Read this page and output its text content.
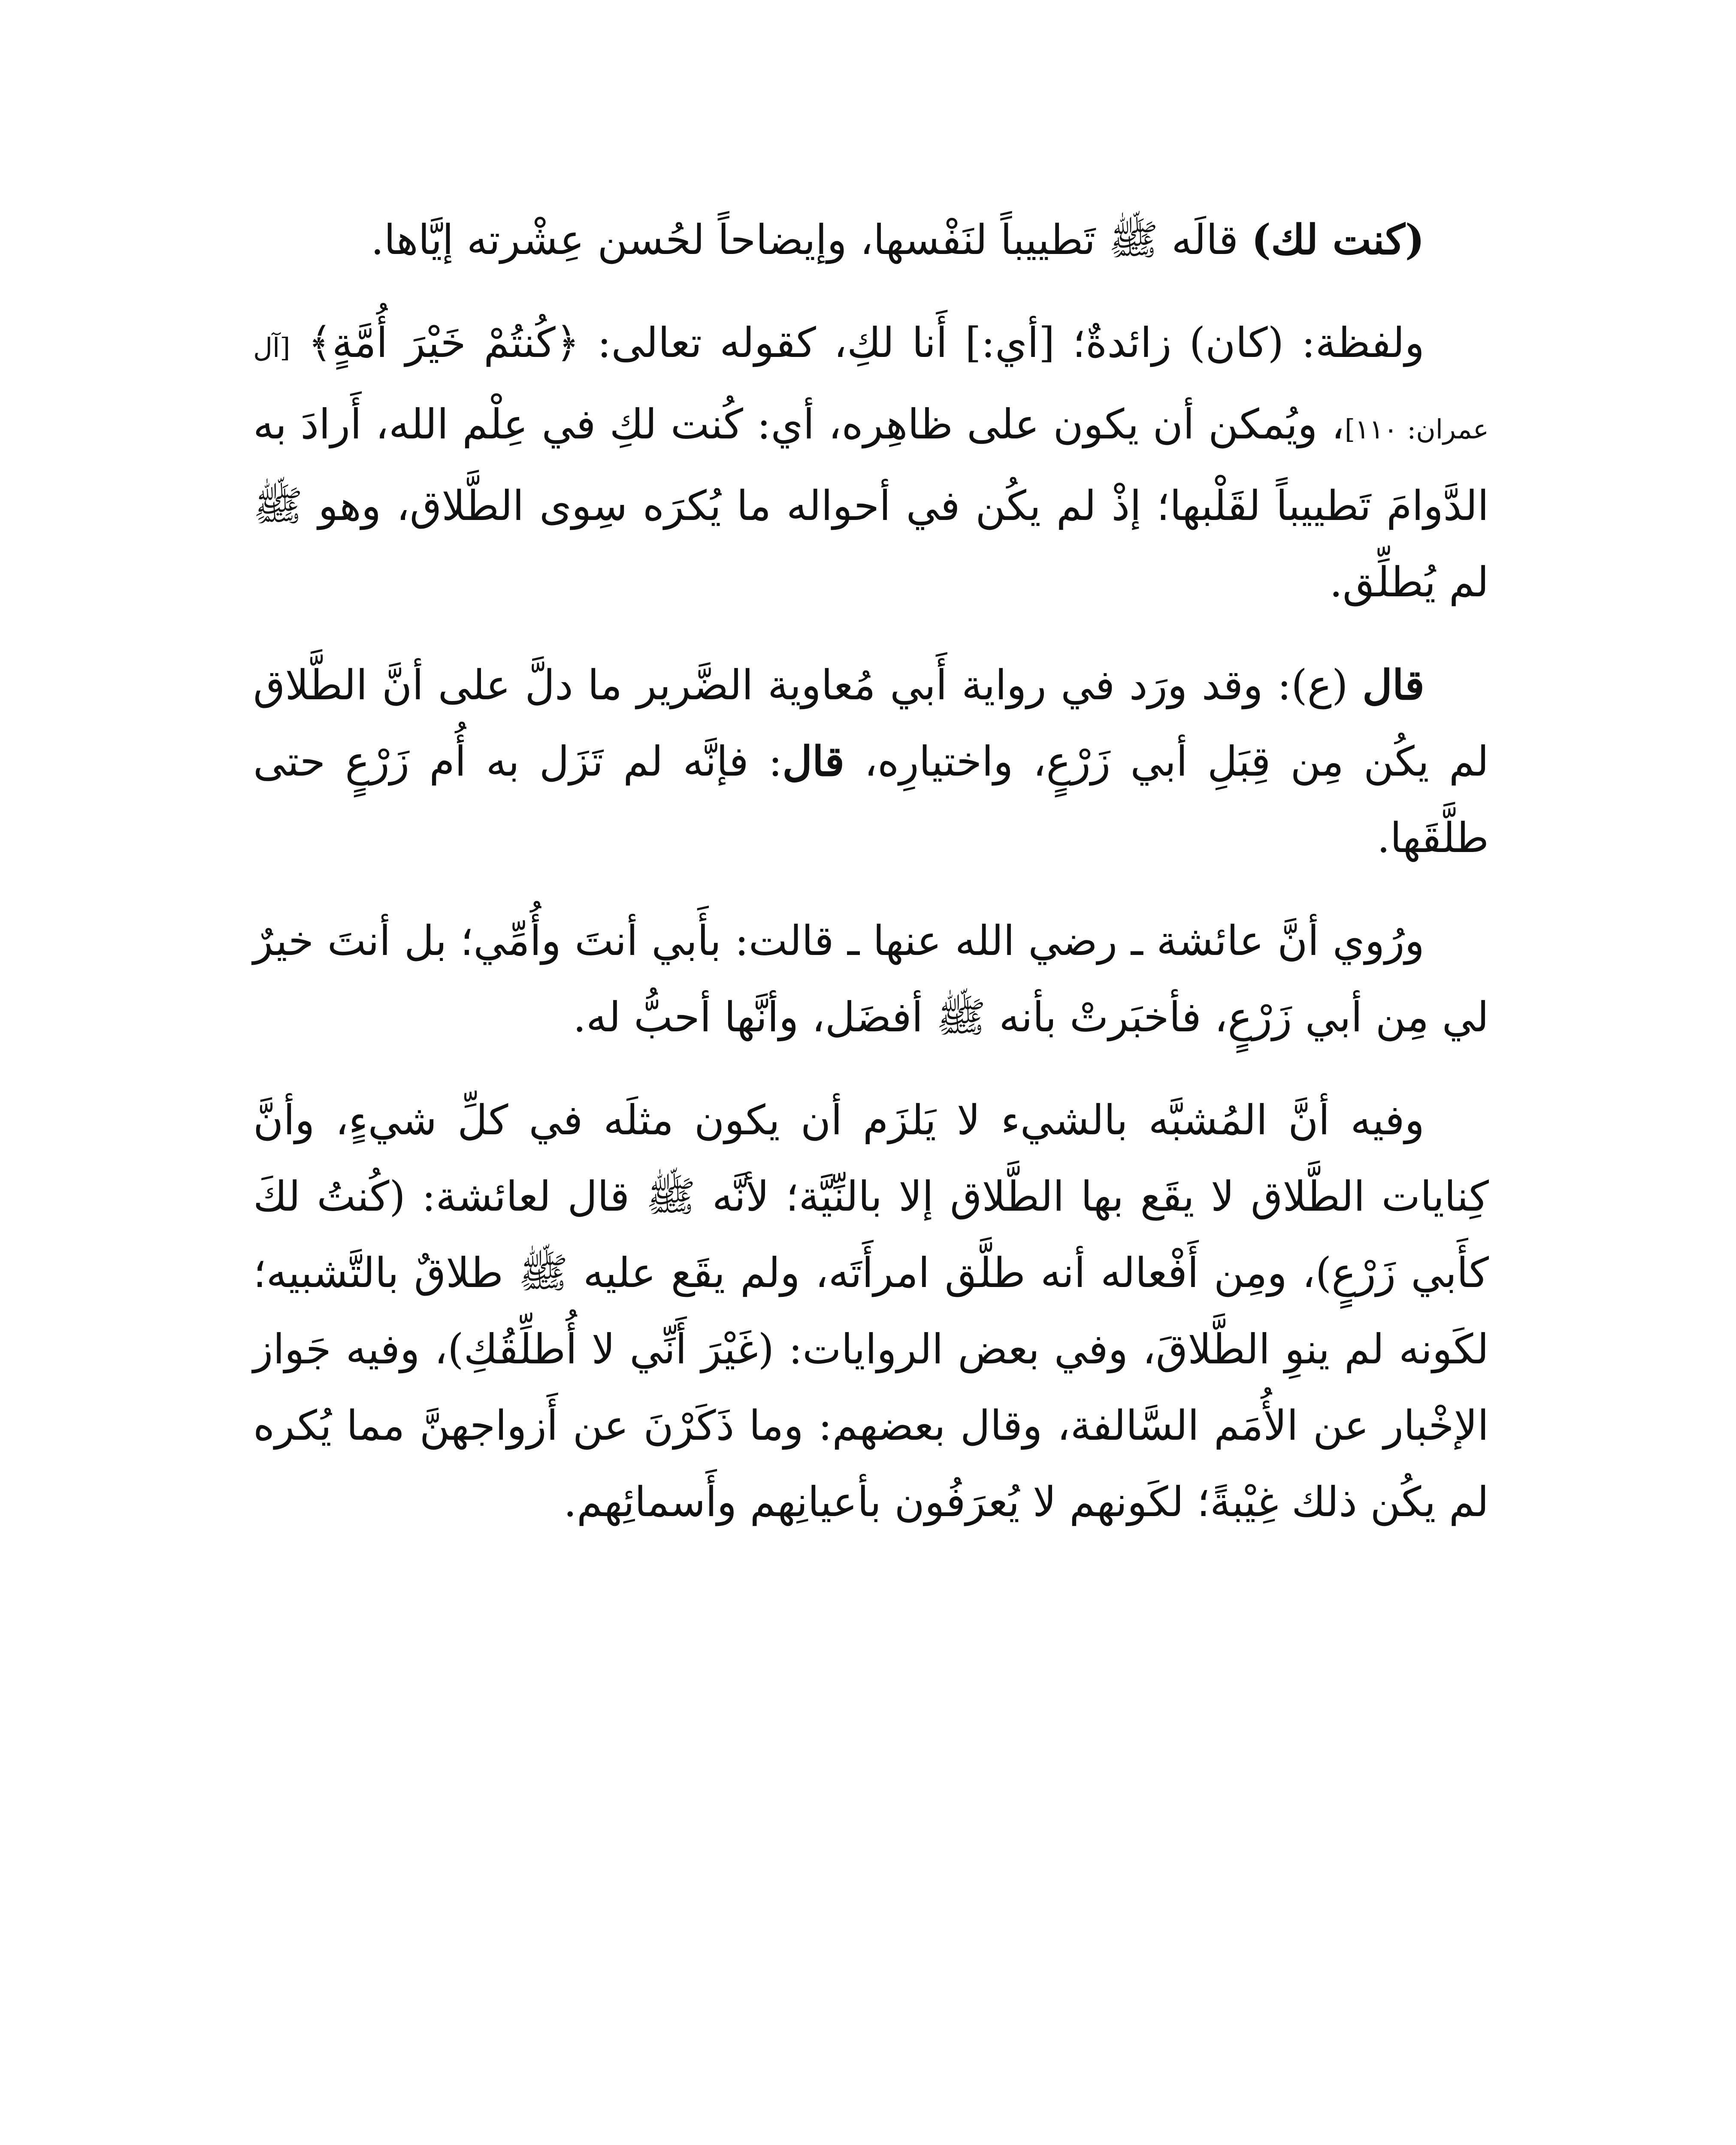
(كنت لك) قالَه ﷺ تَطييباً لنَفْسها، وإيضاحاً لحُسن عِشْرته إيَّاها.

ولفظة: (كان) زائدةٌ؛ [أي:] أَنا لكِ، كقوله تعالى: ﴿كُنتُمْ خَيْرَ أُمَّةٍ﴾ [آل عمران: ١١٠]، ويُمكن أن يكون على ظاهِره، أي: كُنت لكِ في عِلْم الله، أَرادَ به الدَّوامَ تَطييباً لقَلْبها؛ إذْ لم يكُن في أحواله ما يُكرَه سِوى الطَّلاق، وهو ﷺ لم يُطلِّق.

قال (ع): وقد ورَد في رواية أَبي مُعاوية الضَّرير ما دلَّ على أنَّ الطَّلاق لم يكُن مِن قِبَلِ أبي زَرْعٍ، واختيارِه، قال: فإنَّه لم تَزَل به أُم زَرْعٍ حتى طلَّقَها.

ورُوي أنَّ عائشة ـ رضي الله عنها ـ قالت: بأَبي أنتَ وأُمِّي؛ بل أنتَ خيرٌ لي مِن أبي زَرْعٍ، فأخبَرتْ بأنه ﷺ أفضَل، وأنَّها أحبُّ له.

وفيه أنَّ المُشبَّه بالشيء لا يَلزَم أن يكون مثلَه في كلِّ شيءٍ، وأنَّ كِنايات الطَّلاق لا يقَع بها الطَّلاق إلا بالنِّيَّة؛ لأنَّه ﷺ قال لعائشة: (كُنتُ لكَ كأَبي زَرْعٍ)، ومِن أَفْعاله أنه طلَّق امرأَتَه، ولم يقَع عليه ﷺ طلاقٌ بالتَّشبيه؛ لكَونه لم ينوِ الطَّلاقَ، وفي بعض الروايات: (غَيْرَ أَنِّي لا أُطلِّقُكِ)، وفيه جَواز الإخْبار عن الأُمَم السَّالفة، وقال بعضهم: وما ذَكَرْنَ عن أَزواجهنَّ مما يُكره لم يكُن ذلك غِيْبةً؛ لكَونهم لا يُعرَفُون بأعيانِهم وأَسمائِهم.
